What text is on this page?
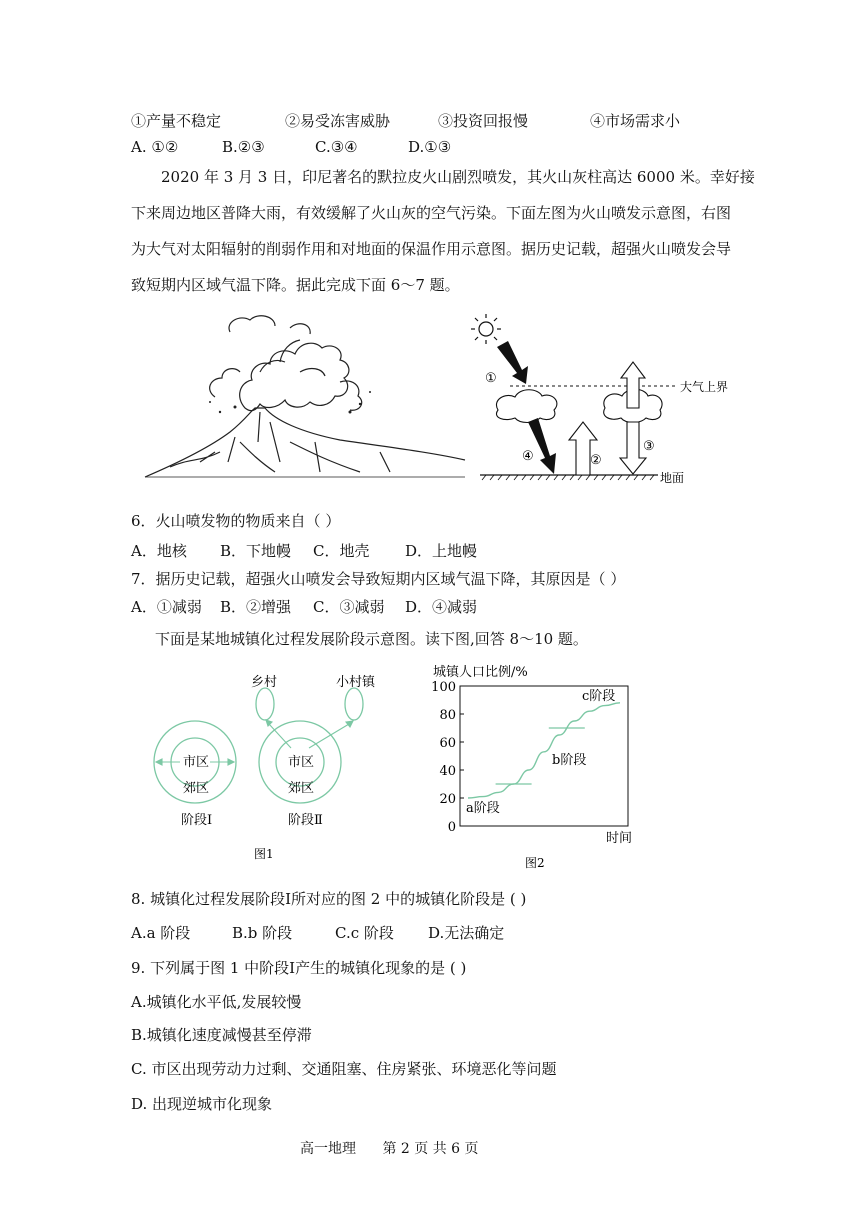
①产量不稳定	②易受冻害威胁	③投资回报慢	④市场需求小
A. ①②	B.②③	C.③④	D.①③
2020 年 3 月 3 日，印尼著名的默拉皮火山剧烈喷发，其火山灰柱高达 6000 米。幸好接
下来周边地区普降大雨，有效缓解了火山灰的空气污染。下面左图为火山喷发示意图，右图
为大气对太阳辐射的削弱作用和对地面的保温作用示意图。据历史记载，超强火山喷发会导
致短期内区域气温下降。据此完成下面 6～7 题。
大气上界
①
地面
④	②
③
6．火山喷发物的物质来自（ ）
A．地核 B．下地幔 C．地壳 D．上地幔
7．据历史记载，超强火山喷发会导致短期内区域气温下降，其原因是（ ）
A．①减弱 B．②增强 C．③减弱 D．④减弱
下面是某地城镇化过程发展阶段示意图。读下图,回答 8～10 题。
乡村	小村镇
市区
郊区
市区
郊区
阶段Ⅰ	阶段Ⅱ
图1
城镇人口比例/%
0
20
40
60
80
100
a阶段
b阶段
c阶段
时间
图2
8. 城镇化过程发展阶段Ⅰ所对应的图 2 中的城镇化阶段是 ( )
A.a 阶段	B.b 阶段	C.c 阶段 D.无法确定
9. 下列属于图 1 中阶段Ⅰ产生的城镇化现象的是 ( )
A.城镇化水平低,发展较慢
B.城镇化速度减慢甚至停滞
C. 市区出现劳动力过剩、交通阻塞、住房紧张、环境恶化等问题
D. 出现逆城市化现象
高一地理 第 2 页 共 6 页
